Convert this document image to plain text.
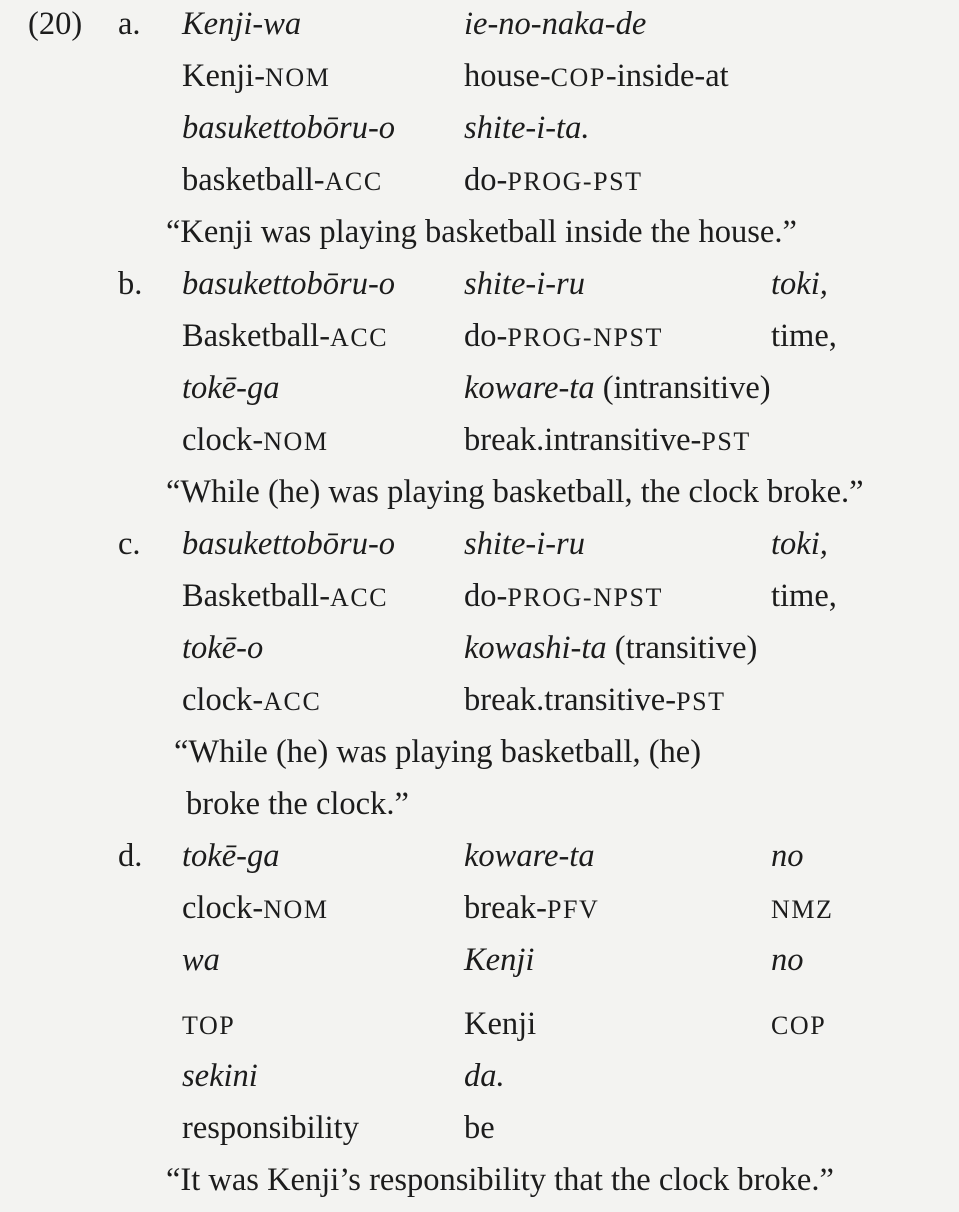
(20) a. Kenji-wa	ie-no-naka-de
Kenji-NOM	house-COP-inside-at
basukettobōru-o shite-i-ta.
basketball-ACC	do-PROG-PST
“Kenji was playing basketball inside the house.”
b. basukettobōru-o shite-i-ru	toki,
Basketball-ACC do-PROG-NPST	time,
tokē-ga	koware-ta (intransitive)
clock-NOM	break.intransitive-PST
“While (he) was playing basketball, the clock broke.”
c. basukettobōru-o shite-i-ru	toki,
Basketball-ACC do-PROG-NPST	time,
tokē-o	kowashi-ta (transitive)
clock-ACC	break.transitive-PST
“While (he) was playing basketball, (he)
broke the clock.”
d. tokē-ga	koware-ta	no
clock-NOM	break-PFV	NMZ
wa	Kenji	no
TOP	Kenji	COP
sekini	da.
responsibility	be
“It was Kenji’s responsibility that the clock broke.”
